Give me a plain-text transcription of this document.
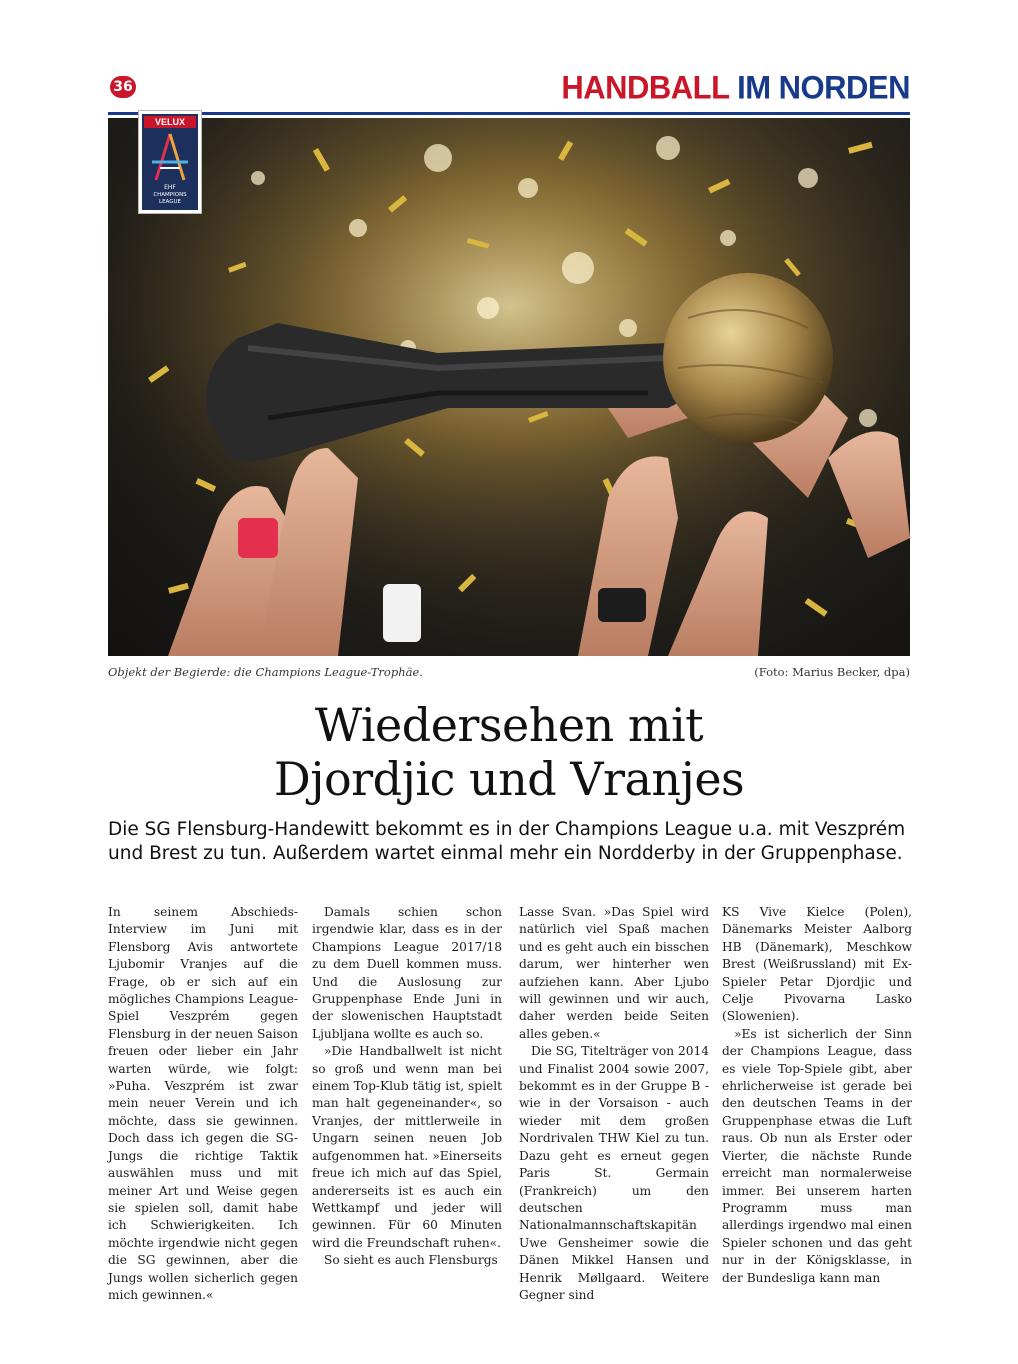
36	HANDBALL IM NORDEN
VELUX
EHF
CHAMPIONS
LEAGUE
Objekt der Begierde: die Champions League-Trophäe.	(Foto: Marius Becker, dpa)
Wiedersehen mit
Djordjic und Vranjes
Die SG Flensburg-Handewitt bekommt es in der Champions League u.a. mit Veszprém und Brest zu tun. Außerdem wartet einmal mehr ein Nordderby in der Gruppenphase.

In seinem Abschieds-Interview im Juni mit Flensborg Avis antwortete Ljubomir Vranjes auf die Frage, ob er sich auf ein mögliches Champions League-Spiel Veszprém gegen Flensburg in der neuen Saison freuen oder lieber ein Jahr warten würde, wie folgt: »Puha. Veszprém ist zwar mein neuer Verein und ich möchte, dass sie gewinnen. Doch dass ich gegen die SG-Jungs die richtige Taktik auswählen muss und mit meiner Art und Weise gegen sie spielen soll, damit habe ich Schwierigkeiten. Ich möchte irgendwie nicht gegen die SG gewinnen, aber die Jungs wollen sicherlich gegen mich gewinnen.«

Damals schien schon irgendwie klar, dass es in der Champions League 2017/18 zu dem Duell kommen muss. Und die Auslosung zur Gruppenphase Ende Juni in der slowenischen Hauptstadt Ljubljana wollte es auch so.

»Die Handballwelt ist nicht so groß und wenn man bei einem Top-Klub tätig ist, spielt man halt gegeneinander«, so Vranjes, der mittlerweile in Ungarn seinen neuen Job aufgenommen hat. »Einerseits freue ich mich auf das Spiel, andererseits ist es auch ein Wettkampf und jeder will gewinnen. Für 60 Minuten wird die Freundschaft ruhen«.

So sieht es auch Flensburgs

Lasse Svan. »Das Spiel wird natürlich viel Spaß machen und es geht auch ein bisschen darum, wer hinterher wen aufziehen kann. Aber Ljubo will gewinnen und wir auch, daher werden beide Seiten alles geben.«

Die SG, Titelträger von 2014 und Finalist 2004 sowie 2007, bekommt es in der Gruppe B - wie in der Vorsaison - auch wieder mit dem großen Nordrivalen THW Kiel zu tun. Dazu geht es erneut gegen Paris St. Germain (Frankreich) um den deutschen Nationalmannschaftskapitän Uwe Gensheimer sowie die Dänen Mikkel Hansen und Henrik Møllgaard. Weitere Gegner sind

KS Vive Kielce (Polen), Dänemarks Meister Aalborg HB (Dänemark), Meschkow Brest (Weißrussland) mit Ex-Spieler Petar Djordjic und Celje Pivovarna Lasko (Slowenien).

»Es ist sicherlich der Sinn der Champions League, dass es viele Top-Spiele gibt, aber ehrlicherweise ist gerade bei den deutschen Teams in der Gruppenphase etwas die Luft raus. Ob nun als Erster oder Vierter, die nächste Runde erreicht man normalerweise immer. Bei unserem harten Programm muss man allerdings irgendwo mal einen Spieler schonen und das geht nur in der Königsklasse, in der Bundesliga kann man
